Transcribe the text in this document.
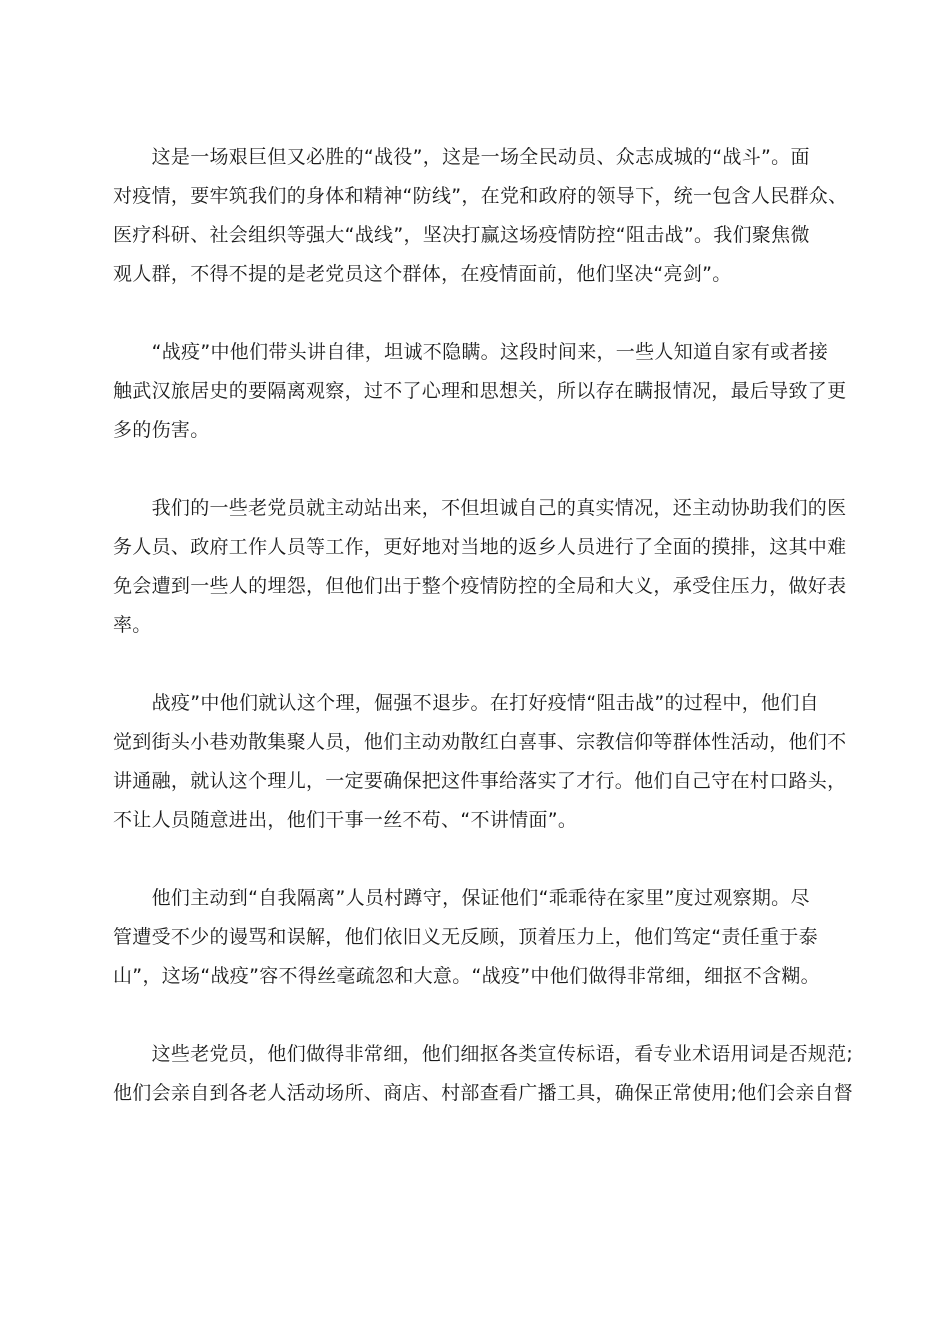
　　这是一场艰巨但又必胜的“战役”，这是一场全民动员、众志成城的“战斗”。面
对疫情，要牢筑我们的身体和精神“防线”，在党和政府的领导下，统一包含人民群众、
医疗科研、社会组织等强大“战线”，坚决打赢这场疫情防控“阻击战”。我们聚焦微
观人群，不得不提的是老党员这个群体，在疫情面前，他们坚决“亮剑”。
　　“战疫”中他们带头讲自律，坦诚不隐瞒。这段时间来，一些人知道自家有或者接
触武汉旅居史的要隔离观察，过不了心理和思想关，所以存在瞒报情况，最后导致了更
多的伤害。
　　我们的一些老党员就主动站出来，不但坦诚自己的真实情况，还主动协助我们的医
务人员、政府工作人员等工作，更好地对当地的返乡人员进行了全面的摸排，这其中难
免会遭到一些人的埋怨，但他们出于整个疫情防控的全局和大义，承受住压力，做好表
率。
　　战疫”中他们就认这个理，倔强不退步。在打好疫情“阻击战”的过程中，他们自
觉到街头小巷劝散集聚人员，他们主动劝散红白喜事、宗教信仰等群体性活动，他们不
讲通融，就认这个理儿，一定要确保把这件事给落实了才行。他们自己守在村口路头，
不让人员随意进出，他们干事一丝不苟、“不讲情面”。
　　他们主动到“自我隔离”人员村蹲守，保证他们“乖乖待在家里”度过观察期。尽
管遭受不少的谩骂和误解，他们依旧义无反顾，顶着压力上，他们笃定“责任重于泰
山”，这场“战疫”容不得丝毫疏忽和大意。“战疫”中他们做得非常细，细抠不含糊。
　　这些老党员，他们做得非常细，他们细抠各类宣传标语，看专业术语用词是否规范;
他们会亲自到各老人活动场所、商店、村部查看广播工具，确保正常使用;他们会亲自督
